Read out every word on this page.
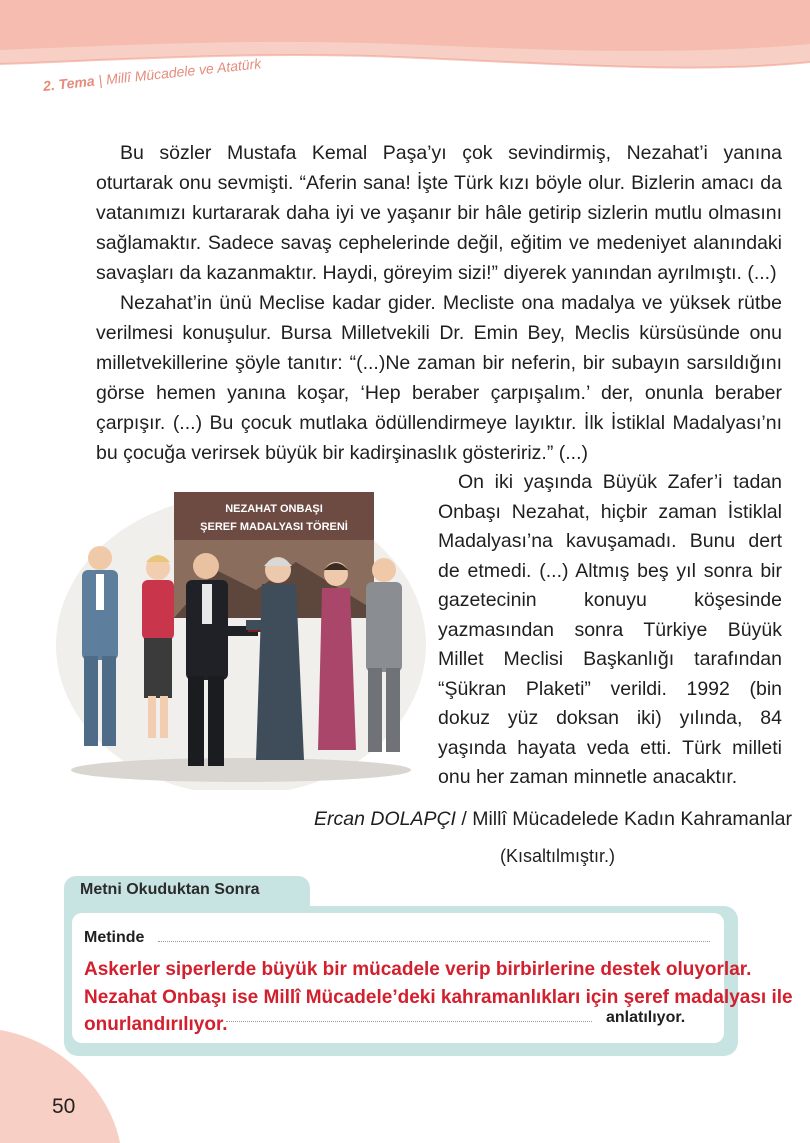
2. Tema | Millî Mücadele ve Atatürk

Bu sözler Mustafa Kemal Paşa’yı çok sevindirmiş, Nezahat’i yanına oturtarak onu sevmişti. “Aferin sana! İşte Türk kızı böyle olur. Bizlerin amacı da vatanımızı kurtararak daha iyi ve yaşanır bir hâle getirip sizlerin mutlu olmasını sağlamaktır. Sadece savaş cephelerinde değil, eğitim ve medeniyet alanındaki savaşları da kazanmaktır. Haydi, göreyim sizi!” diyerek yanından ayrılmıştı. (...)

Nezahat’in ünü Meclise kadar gider. Mecliste ona madalya ve yüksek rütbe verilmesi konuşulur. Bursa Milletvekili Dr. Emin Bey, Meclis kürsüsünde onu milletvekillerine şöyle tanıtır: “(...)Ne zaman bir neferin, bir subayın sarsıldığını görse hemen yanına koşar, ‘Hep beraber çarpışalım.’ der, onunla beraber çarpışır. (...) Bu çocuk mutlaka ödüllendirmeye layıktır. İlk İstiklal Madalyası’nı bu çocuğa verirsek büyük bir kadirşinaslık gösteririz.” (...)

NEZAHAT ONBAŞI
ŞEREF MADALYASI TÖRENİ

On iki yaşında Büyük Zafer’i tadan Onbaşı Nezahat, hiçbir zaman İstiklal Madalyası’na kavuşamadı. Bunu dert de etmedi. (...) Altmış beş yıl sonra bir gazetecinin konuyu köşesinde yazmasından sonra Türkiye Büyük Millet Meclisi Başkanlığı tarafından “Şükran Plaketi” verildi. 1992 (bin dokuz yüz doksan iki) yılında, 84 yaşında hayata veda etti. Türk milleti onu her zaman minnetle anacaktır.

Ercan DOLAPÇI / Millî Mücadelede Kadın Kahramanlar
(Kısaltılmıştır.)
Metni Okuduktan Sonra
Metinde

Askerler siperlerde büyük bir mücadele verip birbirlerine destek oluyorlar. Nezahat Onbaşı ise Millî Mücadele’deki kahramanlıkları için şeref madalyası ile onurlandırılıyor.	anlatılıyor.
50
